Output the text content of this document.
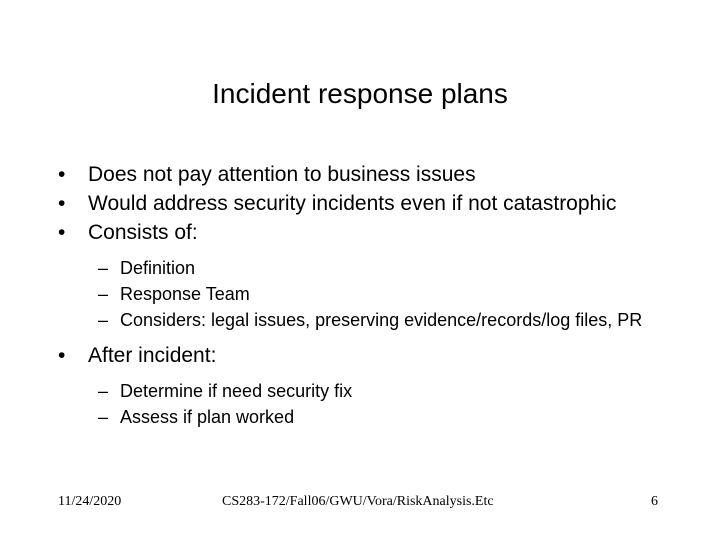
Incident response plans
• Does not pay attention to business issues
• Would address security incidents even if not catastrophic
• Consists of:
– Definition
– Response Team
– Considers: legal issues, preserving evidence/records/log files, PR
• After incident:
– Determine if need security fix
– Assess if plan worked
11/24/2020	CS283-172/Fall06/GWU/Vora/RiskAnalysis.Etc	6
